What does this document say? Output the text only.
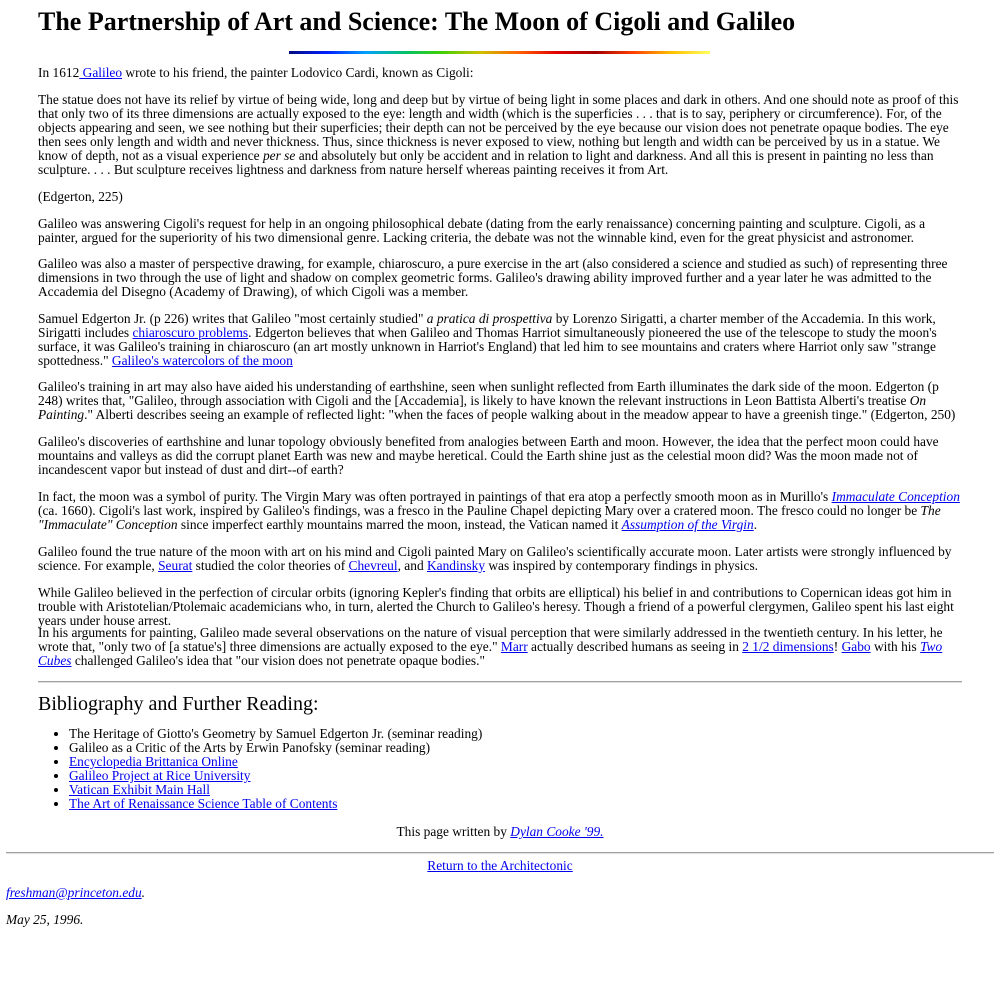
The Partnership of Art and Science: The Moon of Cigoli and Galileo

In 1612 Galileo wrote to his friend, the painter Lodovico Cardi, known as Cigoli:

The statue does not have its relief by virtue of being wide, long and deep but by virtue of being light in some places and dark in others. And one should note as proof of this that only two of its three dimensions are actually exposed to the eye: length and width (which is the superficies . . . that is to say, periphery or circumference). For, of the objects appearing and seen, we see nothing but their superficies; their depth can not be perceived by the eye because our vision does not penetrate opaque bodies. The eye then sees only length and width and never thickness. Thus, since thickness is never exposed to view, nothing but length and width can be perceived by us in a statue. We know of depth, not as a visual experience per se and absolutely but only be accident and in relation to light and darkness. And all this is present in painting no less than sculpture. . . . But sculpture receives lightness and darkness from nature herself whereas painting receives it from Art.

(Edgerton, 225)

Galileo was answering Cigoli's request for help in an ongoing philosophical debate (dating from the early renaissance) concerning painting and sculpture. Cigoli, as a painter, argued for the superiority of his two dimensional genre. Lacking criteria, the debate was not the winnable kind, even for the great physicist and astronomer.

Galileo was also a master of perspective drawing, for example, chiaroscuro, a pure exercise in the art (also considered a science and studied as such) of representing three dimensions in two through the use of light and shadow on complex geometric forms. Galileo's drawing ability improved further and a year later he was admitted to the Accademia del Disegno (Academy of Drawing), of which Cigoli was a member.

Samuel Edgerton Jr. (p 226) writes that Galileo "most certainly studied" a pratica di prospettiva by Lorenzo Sirigatti, a charter member of the Accademia. In this work, Sirigatti includes chiaroscuro problems. Edgerton believes that when Galileo and Thomas Harriot simultaneously pioneered the use of the telescope to study the moon's surface, it was Galileo's training in chiaroscuro (an art mostly unknown in Harriot's England) that led him to see mountains and craters where Harriot only saw "strange spottedness." Galileo's watercolors of the moon

Galileo's training in art may also have aided his understanding of earthshine, seen when sunlight reflected from Earth illuminates the dark side of the moon. Edgerton (p 248) writes that, "Galileo, through association with Cigoli and the [Accademia], is likely to have known the relevant instructions in Leon Battista Alberti's treatise On Painting." Alberti describes seeing an example of reflected light: "when the faces of people walking about in the meadow appear to have a greenish tinge." (Edgerton, 250)

Galileo's discoveries of earthshine and lunar topology obviously benefited from analogies between Earth and moon. However, the idea that the perfect moon could have mountains and valleys as did the corrupt planet Earth was new and maybe heretical. Could the Earth shine just as the celestial moon did? Was the moon made not of incandescent vapor but instead of dust and dirt--of earth?

In fact, the moon was a symbol of purity. The Virgin Mary was often portrayed in paintings of that era atop a perfectly smooth moon as in Murillo's Immaculate Conception (ca. 1660). Cigoli's last work, inspired by Galileo's findings, was a fresco in the Pauline Chapel depicting Mary over a cratered moon. The fresco could no longer be The "Immaculate" Conception since imperfect earthly mountains marred the moon, instead, the Vatican named it Assumption of the Virgin.

Galileo found the true nature of the moon with art on his mind and Cigoli painted Mary on Galileo's scientifically accurate moon. Later artists were strongly influenced by science. For example, Seurat studied the color theories of Chevreul, and Kandinsky was inspired by contemporary findings in physics.

While Galileo believed in the perfection of circular orbits (ignoring Kepler's finding that orbits are elliptical) his belief in and contributions to Copernican ideas got him in trouble with Aristotelian/Ptolemaic academicians who, in turn, alerted the Church to Galileo's heresy. Though a friend of a powerful clergymen, Galileo spent his last eight years under house arrest.

In his arguments for painting, Galileo made several observations on the nature of visual perception that were similarly addressed in the twentieth century. In his letter, he wrote that, "only two of [a statue's] three dimensions are actually exposed to the eye." Marr actually described humans as seeing in 2 1/2 dimensions! Gabo with his Two Cubes challenged Galileo's idea that "our vision does not penetrate opaque bodies."

Bibliography and Further Reading:
• The Heritage of Giotto's Geometry by Samuel Edgerton Jr. (seminar reading)
• Galileo as a Critic of the Arts by Erwin Panofsky (seminar reading)
• Encyclopedia Brittanica Online
• Galileo Project at Rice University
• Vatican Exhibit Main Hall
• The Art of Renaissance Science Table of Contents
This page written by Dylan Cooke '99.
Return to the Architectonic
freshman@princeton.edu.
May 25, 1996.
